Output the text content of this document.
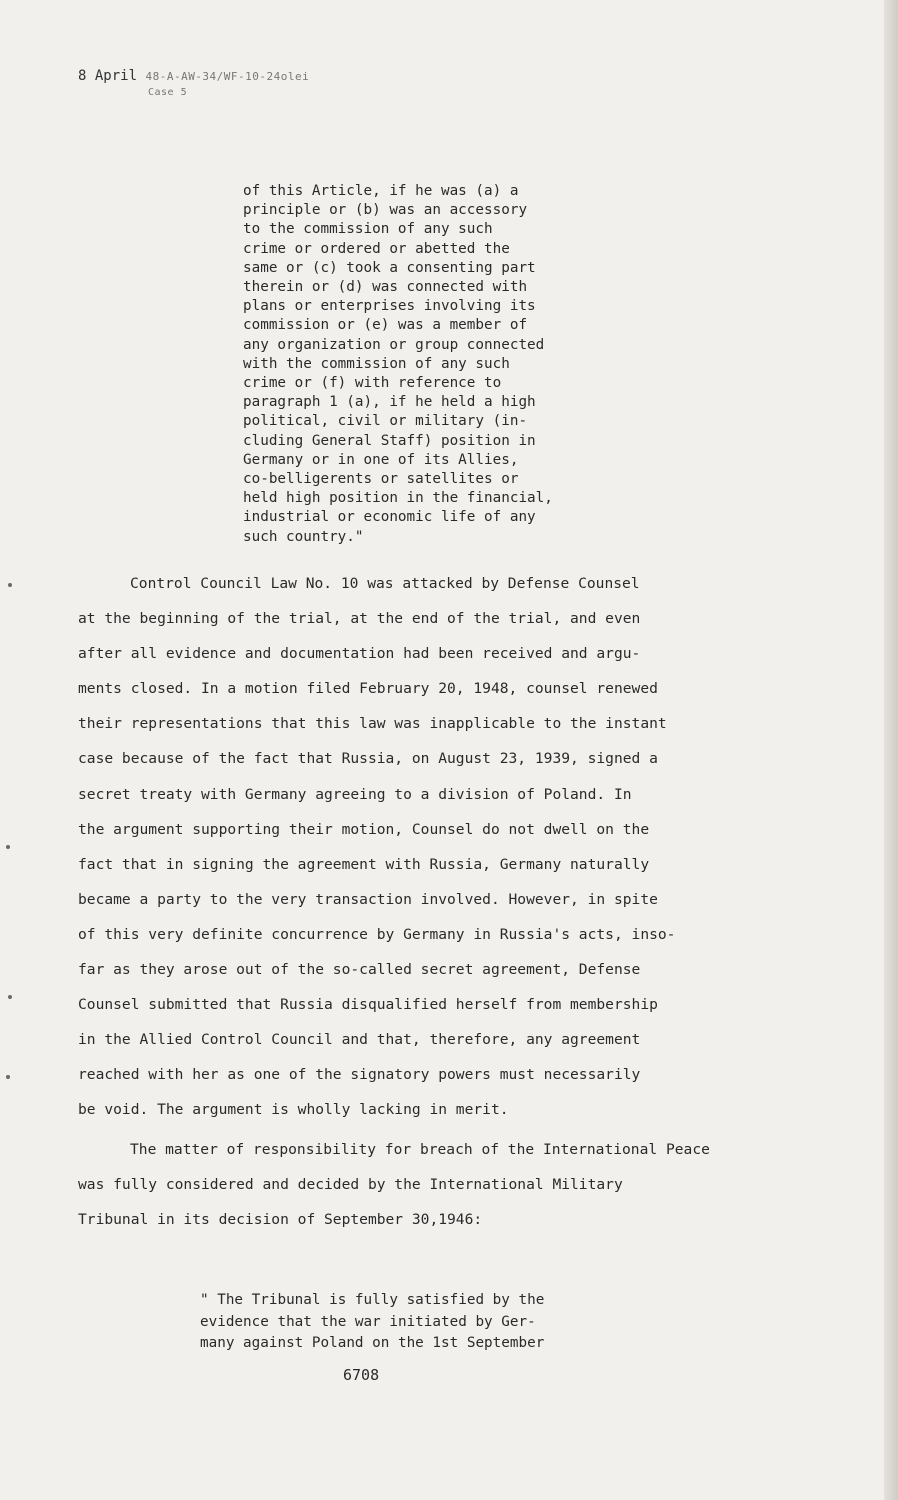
8 April 48-A-AW-34/WF-10-24olei
Case 5
of this Article, if he was (a) a
principle or (b) was an accessory
to the commission of any such
crime or ordered or abetted the
same or (c) took a consenting part
therein or (d) was connected with
plans or enterprises involving its
commission or (e) was a member of
any organization or group connected
with the commission of any such
crime or (f) with reference to
paragraph 1 (a), if he held a high
political, civil or military (in-
cluding General Staff) position in
Germany or in one of its Allies,
co-belligerents or satellites or
held high position in the financial,
industrial or economic life of any
such country."
Control Council Law No. 10 was attacked by Defense Counsel
at the beginning of the trial, at the end of the trial, and even
after all evidence and documentation had been received and argu-
ments closed. In a motion filed February 20, 1948, counsel renewed
their representations that this law was inapplicable to the instant
case because of the fact that Russia, on August 23, 1939, signed a
secret treaty with Germany agreeing to a division of Poland. In
the argument supporting their motion, Counsel do not dwell on the
fact that in signing the agreement with Russia, Germany naturally
became a party to the very transaction involved. However, in spite
of this very definite concurrence by Germany in Russia's acts, inso-
far as they arose out of the so-called secret agreement, Defense
Counsel submitted that Russia disqualified herself from membership
in the Allied Control Council and that, therefore, any agreement
reached with her as one of the signatory powers must necessarily
be void. The argument is wholly lacking in merit.
The matter of responsibility for breach of the International Peace
was fully considered and decided by the International Military
Tribunal in its decision of September 30,1946:
" The Tribunal is fully satisfied by the
evidence that the war initiated by Ger-
many against Poland on the 1st September
6708
